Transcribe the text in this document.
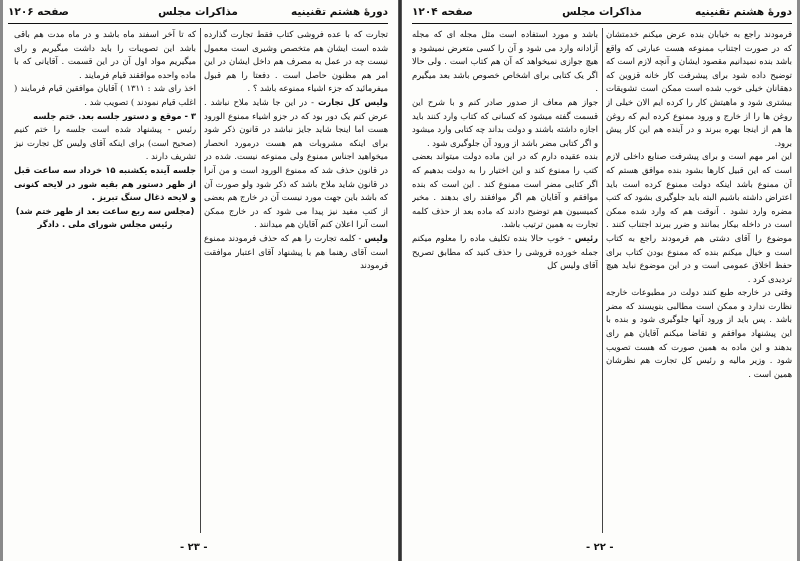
دورهٔ هشتم تقنینیه
مذاکرات مجلس
صفحه ۱۲۰۶

تجارت که با عده فروشی کتاب فقط تجارت گذارده شده است ایشان هم متخصص وشیری است معمول نیست چه در عمل به مصرف هم داخل ایشان در این امر هم مظنون حاصل است . دفعتا را هم قبول میفرمائید که جزء اشیاء ممنوعه باشد ؟ .

ولیس کل تجارت - در این جا شاید ملاح نباشد . عرض کنم یک دور بود که در جزو اشیاء ممنوع الورود هست اما اینجا شاید جایز نباشد در قانون ذکر شود برای اینکه مشروبات هم هست درمورد انحصار میخواهید اجناس ممنوع ولی ممنوعه نیست. شده در در قانون حذف شد که ممنوع الورود است و من آنرا در قانون شاید ملاح باشد که ذکر شود ولو صورت آن که باشد باین جهت مورد نیست آن در خارج هم بعضی از کتب مفید نیز پیدا می شود که در خارج ممکن است آنرا اعلان کنم آقایان هم میدانند .

ولیس - کلمه تجارت را هم که حذف فرمودند ممنوع است آقای رهنما هم با پیشنهاد آقای اعتبار موافقت فرمودند

که تا آخر اسفند ماه باشد و در ماه مدت هم باقی باشد این تصویبات را باید داشت میگیریم و رای میگیریم مواد اول آن در این قسمت . آقایانی که با ماده واحده موافقند قیام فرمایند .

اخذ رای شد : ۱۳۱۱ ) آقایان موافقین قیام فرمایند ( اغلب قیام نمودند ) تصویب شد .

۳ - موقع و دستور جلسه بعد. ختم جلسه

رئیس - پیشنهاد شده است جلسه را ختم کنیم (صحیح است) برای اینکه آقای ولیس کل تجارت نیز تشریف دارند .

جلسه آینده یکشنبه ۱۵ خرداد سه ساعت قبل از ظهر دستور هم بقیه شور در لایحه کنونی و لایحه ذغال سنگ تبریز .

(مجلس سه ربع ساعت بعد از ظهر ختم شد)

رئیس مجلس شورای ملی . دادگر

- ۲۳ -
دورهٔ هشتم تقنینیه
مذاکرات مجلس
صفحه ۱۲۰۴

فرمودند راجع به خیابان بنده عرض میکنم خدمتشان که در صورت اجتناب ممنوعه هست عبارتی که واقع باشد بنده نمیدانیم مقصود ایشان و آنچه لازم است که توضیح داده شود برای پیشرفت کار خانه قزوین که دهقانان خیلی خوب شده است ممکن است تشویقات بیشتری شود و ماهیتش کار را کرده ایم الان خیلی از روغن ها را از خارج و ورود ممنوع کرده ایم که روغن ها هم از اینجا بهره ببرند و در آینده هم این کار پیش برود.

این امر مهم است و برای پیشرفت صنایع داخلی لازم است که این قبیل کارها بشود بنده موافق هستم که آن ممنوع باشد اینکه دولت ممنوع کرده است باید اعتراض داشته باشیم البته باید جلوگیری بشود که کتب مضره وارد نشود . آنوقت هم که وارد شده ممکن است در داخله بیکار بمانند و ضرر ببرند اجتناب کنند . موضوع را آقای دشتی هم فرمودند راجع به کتاب است و خیال میکنم بنده که ممنوع بودن کتاب برای حفظ اخلاق عمومی است و در این موضوع نباید هیچ تردیدی کرد .

وقتی در خارجه طبع کنند دولت در مطبوعات خارجه نظارت ندارد و ممکن است مطالبی بنویسند که مضر باشد . پس باید از ورود آنها جلوگیری شود و بنده با این پیشنهاد موافقم و تقاضا میکنم آقایان هم رای بدهند و این ماده به همین صورت که هست تصویب شود . وزیر مالیه و رئیس کل تجارت هم نظرشان همین است .

باشد و مورد استفاده است مثل مجله ای که مجله آزادانه وارد می شود و آن را کسی متعرض نمیشود و هیچ جوازی نمیخواهد که آن هم کتاب است . ولی حالا اگر یک کتابی برای اشخاص خصوص باشد بعد میگیرم .

جواز هم معاف از صدور صادر کنم و با شرح این قسمت گفته میشود که کسانی که کتاب وارد کنند باید اجازه داشته باشند و دولت بداند چه کتابی وارد میشود و اگر کتابی مضر باشد از ورود آن جلوگیری شود .

بنده عقیده دارم که در این ماده دولت میتواند بعضی کتب را ممنوع کند و این اختیار را به دولت بدهیم که اگر کتابی مضر است ممنوع کند . این است که بنده موافقم و آقایان هم اگر موافقند رای بدهند . مخبر کمیسیون هم توضیح دادند که ماده بعد از حذف کلمه تجارت به همین ترتیب باشد.

رئیس - خوب حالا بنده تکلیف ماده را معلوم میکنم جمله خورده فروشی را حذف کنید که مطابق تصریح آقای ولیس کل

- ۲۲ -
